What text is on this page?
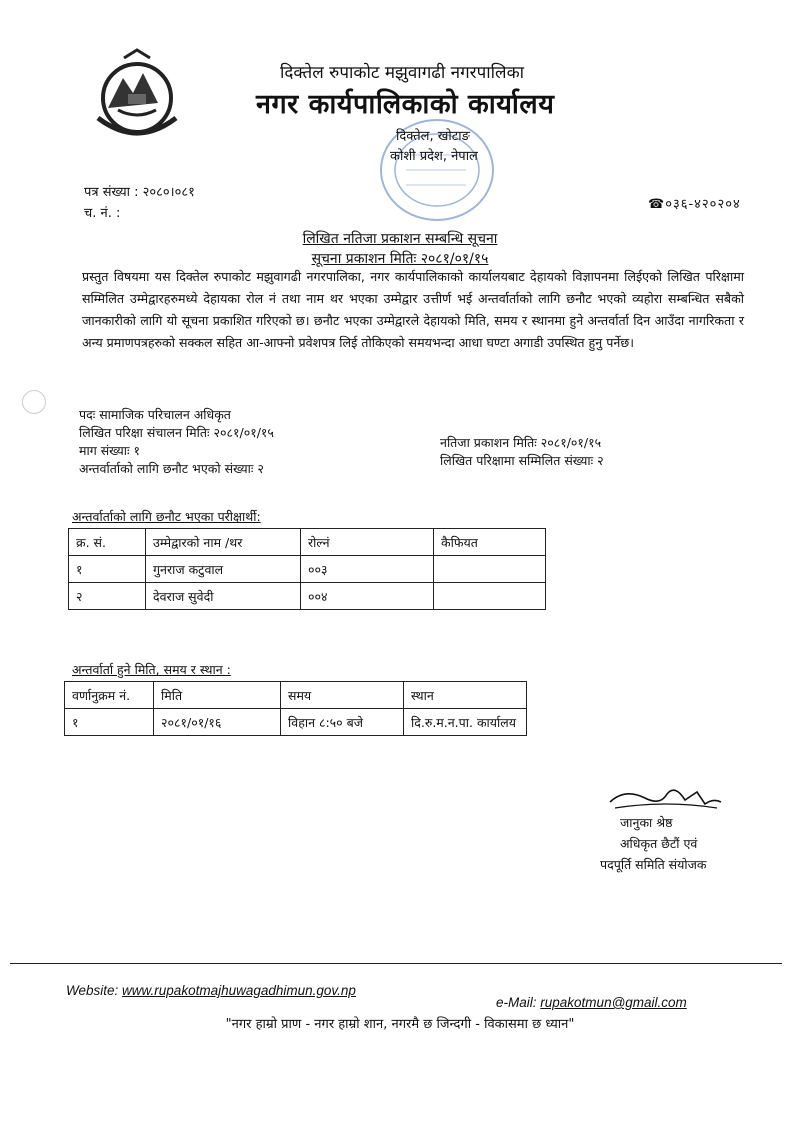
दिक्तेल रुपाकोट मझुवागढी नगरपालिका
नगर कार्यपालिकाको कार्यालय
दिक्तेल, खोटाङ
कोशी प्रदेश, नेपाल
पत्र संख्या : २०८०।०८१
च. नं. :
☎०३६-४२०२०४
लिखित नतिजा प्रकाशन सम्बन्धि सूचना
सूचना प्रकाशन मितिः २०८१/०१/१५
प्रस्तुत विषयमा यस दिक्तेल रुपाकोट मझुवागढी नगरपालिका, नगर कार्यपालिकाको कार्यालयबाट देहायको विज्ञापनमा लिईएको लिखित परिक्षामा सम्मिलित उम्मेद्वारहरुमध्ये देहायका रोल नं तथा नाम थर भएका उम्मेद्वार उत्तीर्ण भई अन्तर्वार्ताको लागि छनौट भएको व्यहोरा सम्बन्धित सबैको जानकारीको लागि यो सूचना प्रकाशित गरिएको छ। छनौट भएका उम्मेद्वारले देहायको मिति, समय र स्थानमा हुने अन्तर्वार्ता दिन आउँदा नागरिकता र अन्य प्रमाणपत्रहरुको सक्कल सहित आ-आफ्नो प्रवेशपत्र लिई तोकिएको समयभन्दा आधा घण्टा अगाडी उपस्थित हुनु पर्नेछ।
पदः सामाजिक परिचालन अधिकृत
लिखित परिक्षा संचालन मितिः २०८१/०१/१५
माग संख्याः १
अन्तर्वार्ताको लागि छनौट भएको संख्याः २
नतिजा प्रकाशन मितिः २०८१/०१/१५
लिखित परिक्षामा सम्मिलित संख्याः २
अन्तर्वार्ताको लागि छनौट भएका परीक्षार्थी:
क्र. सं.	उम्मेद्वारको नाम /थर	रोल्नं	कैफियत
१	गुनराज कटुवाल	००३	
२	देवराज सुवेदी	००४	
अन्तर्वार्ता हुने मिति, समय र स्थान :
वर्णानुक्रम नं.	मिति	समय	स्थान
१	२०८१/०१/१६	विहान ८:५० बजे	दि.रु.म.न.पा. कार्यालय
जानुका श्रेष्ठ
अधिकृत छैटौं एवं
पदपूर्ति समिति संयोजक
Website: www.rupakotmajhuwagadhimun.gov.np
e-Mail: rupakotmun@gmail.com
"नगर हाम्रो प्राण - नगर हाम्रो शान, नगरमै छ जिन्दगी - विकासमा छ ध्यान"
